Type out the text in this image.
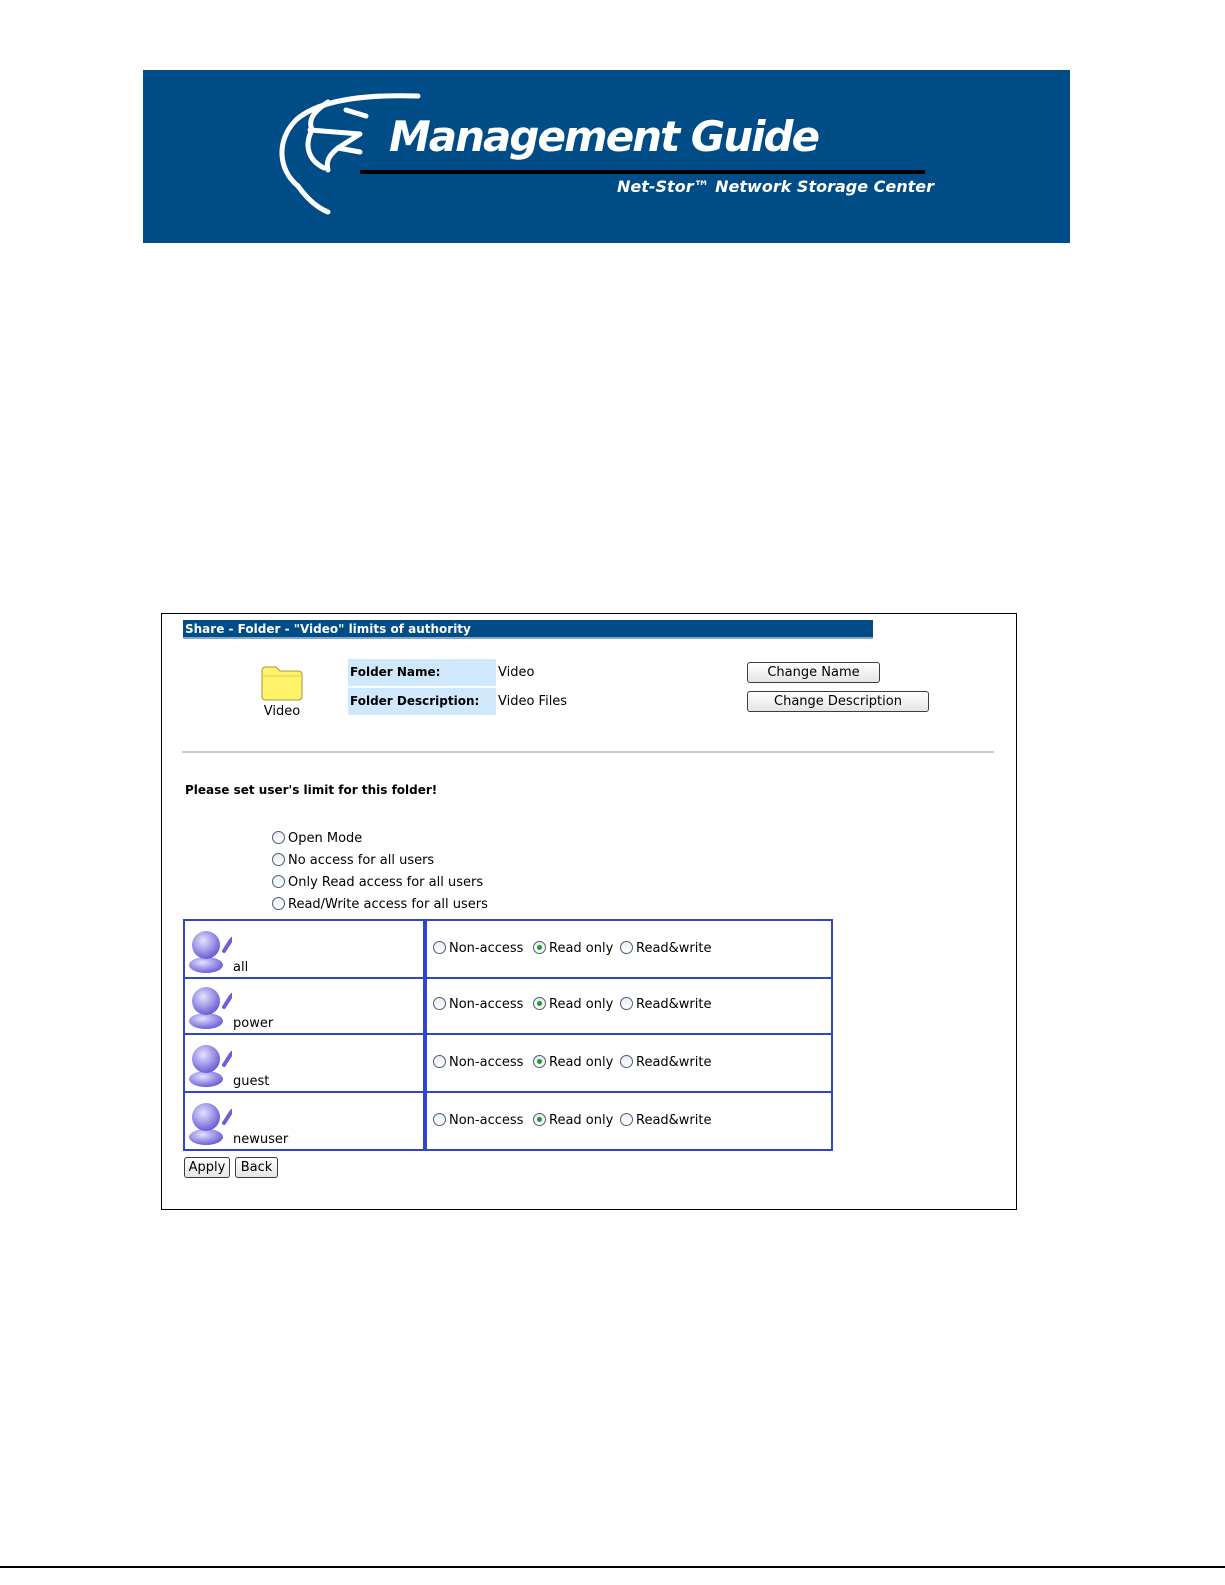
Management Guide
Net-Stor™ Network Storage Center
Share - Folder - "Video" limits of authority
Video
Folder Name:	Video	Change Name
Folder Description:	Video Files	Change Description
Please set user's limit for this folder!
Open Mode
No access for all users
Only Read access for all users
Read/Write access for all users
all
Non-access	Read only	Read&write
power
Non-access	Read only	Read&write
guest
Non-access	Read only	Read&write
newuser
Non-access	Read only	Read&write
Apply	Back
